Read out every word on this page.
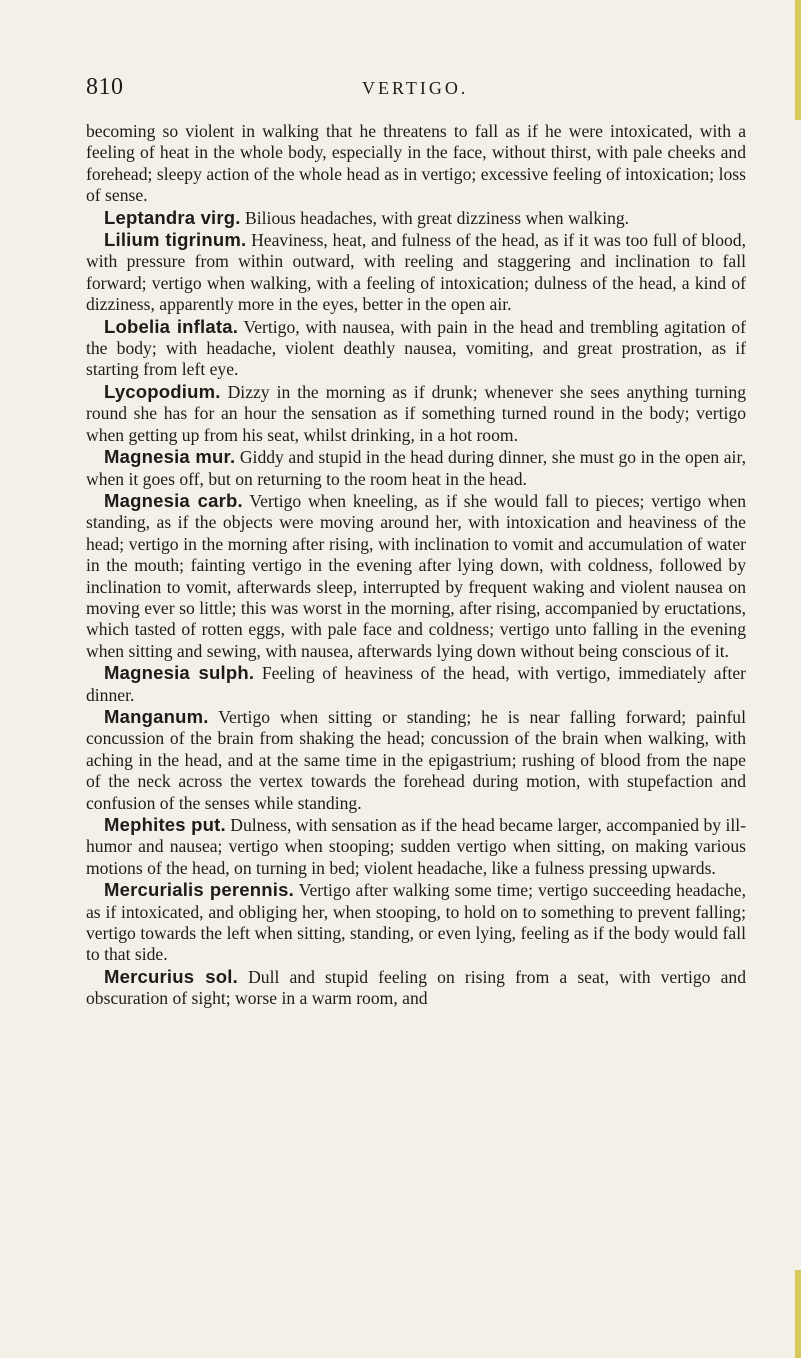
810	VERTIGO.

becoming so violent in walking that he threatens to fall as if he were intoxicated, with a feeling of heat in the whole body, especially in the face, without thirst, with pale cheeks and forehead; sleepy action of the whole head as in vertigo; excessive feeling of intoxication; loss of sense.

Leptandra virg. Bilious headaches, with great dizziness when walking.

Lilium tigrinum. Heaviness, heat, and fulness of the head, as if it was too full of blood, with pressure from within outward, with reeling and staggering and inclination to fall forward; vertigo when walking, with a feeling of intoxication; dulness of the head, a kind of dizziness, apparently more in the eyes, better in the open air.

Lobelia inflata. Vertigo, with nausea, with pain in the head and trembling agitation of the body; with headache, violent deathly nausea, vomiting, and great prostration, as if starting from left eye.

Lycopodium. Dizzy in the morning as if drunk; whenever she sees anything turning round she has for an hour the sensation as if something turned round in the body; vertigo when getting up from his seat, whilst drinking, in a hot room.

Magnesia mur. Giddy and stupid in the head during dinner, she must go in the open air, when it goes off, but on returning to the room heat in the head.

Magnesia carb. Vertigo when kneeling, as if she would fall to pieces; vertigo when standing, as if the objects were moving around her, with intoxication and heaviness of the head; vertigo in the morning after rising, with inclination to vomit and accumulation of water in the mouth; fainting vertigo in the evening after lying down, with coldness, followed by inclination to vomit, afterwards sleep, interrupted by frequent waking and violent nausea on moving ever so little; this was worst in the morning, after rising, accompanied by eructations, which tasted of rotten eggs, with pale face and coldness; vertigo unto falling in the evening when sitting and sewing, with nausea, afterwards lying down without being conscious of it.

Magnesia sulph. Feeling of heaviness of the head, with vertigo, immediately after dinner.

Manganum. Vertigo when sitting or standing; he is near falling forward; painful concussion of the brain from shaking the head; concussion of the brain when walking, with aching in the head, and at the same time in the epigastrium; rushing of blood from the nape of the neck across the vertex towards the forehead during motion, with stupefaction and confusion of the senses while standing.

Mephites put. Dulness, with sensation as if the head became larger, accompanied by ill-humor and nausea; vertigo when stooping; sudden vertigo when sitting, on making various motions of the head, on turning in bed; violent headache, like a fulness pressing upwards.

Mercurialis perennis. Vertigo after walking some time; vertigo succeeding headache, as if intoxicated, and obliging her, when stooping, to hold on to something to prevent falling; vertigo towards the left when sitting, standing, or even lying, feeling as if the body would fall to that side.

Mercurius sol. Dull and stupid feeling on rising from a seat, with vertigo and obscuration of sight; worse in a warm room, and
